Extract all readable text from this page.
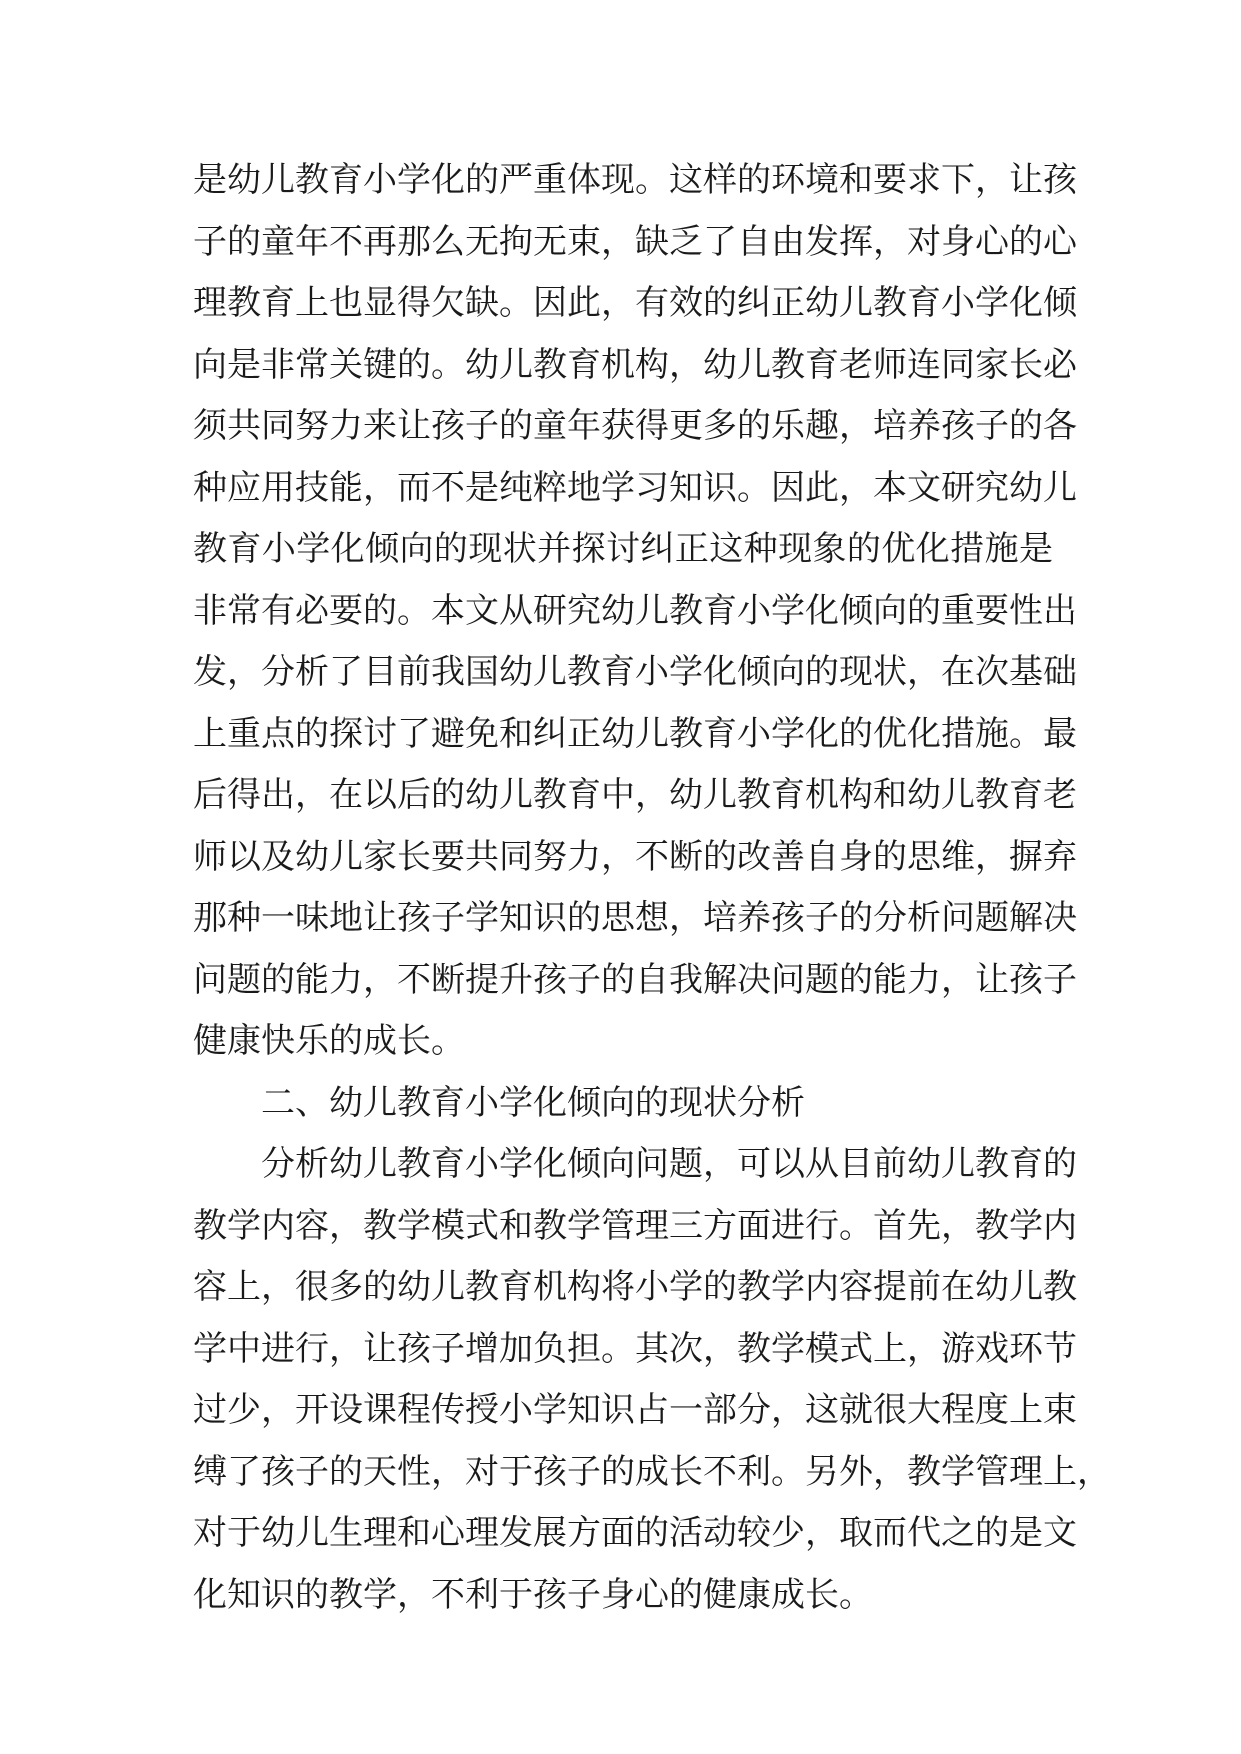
是幼儿教育小学化的严重体现。这样的环境和要求下，让孩
子的童年不再那么无拘无束，缺乏了自由发挥，对身心的心
理教育上也显得欠缺。因此，有效的纠正幼儿教育小学化倾
向是非常关键的。幼儿教育机构，幼儿教育老师连同家长必
须共同努力来让孩子的童年获得更多的乐趣，培养孩子的各
种应用技能，而不是纯粹地学习知识。因此，本文研究幼儿
教育小学化倾向的现状并探讨纠正这种现象的优化措施是
非常有必要的。本文从研究幼儿教育小学化倾向的重要性出
发，分析了目前我国幼儿教育小学化倾向的现状，在次基础
上重点的探讨了避免和纠正幼儿教育小学化的优化措施。最
后得出，在以后的幼儿教育中，幼儿教育机构和幼儿教育老
师以及幼儿家长要共同努力，不断的改善自身的思维，摒弃
那种一味地让孩子学知识的思想，培养孩子的分析问题解决
问题的能力，不断提升孩子的自我解决问题的能力，让孩子
健康快乐的成长。
二、幼儿教育小学化倾向的现状分析
分析幼儿教育小学化倾向问题，可以从目前幼儿教育的
教学内容，教学模式和教学管理三方面进行。首先，教学内
容上，很多的幼儿教育机构将小学的教学内容提前在幼儿教
学中进行，让孩子增加负担。其次，教学模式上，游戏环节
过少，开设课程传授小学知识占一部分，这就很大程度上束
缚了孩子的天性，对于孩子的成长不利。另外，教学管理上，
对于幼儿生理和心理发展方面的活动较少，取而代之的是文
化知识的教学，不利于孩子身心的健康成长。
